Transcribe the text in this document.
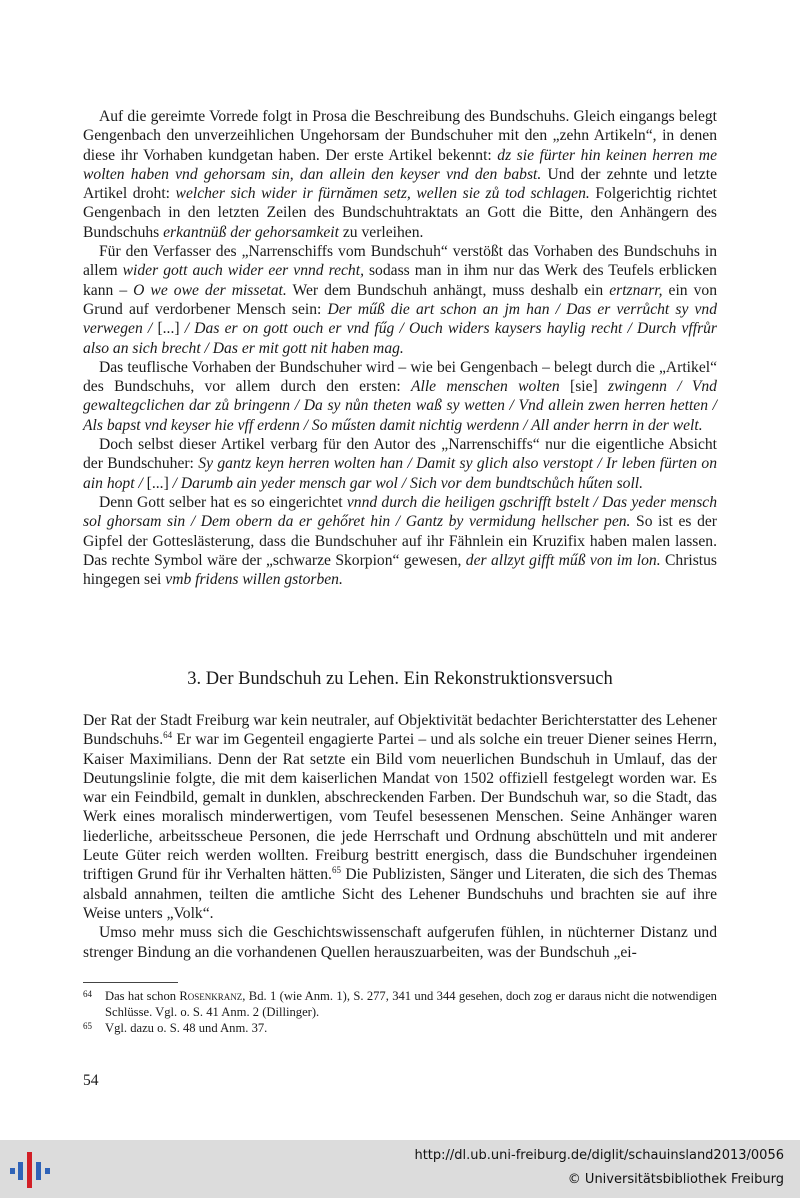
Auf die gereimte Vorrede folgt in Prosa die Beschreibung des Bundschuhs. Gleich eingangs belegt Gengenbach den unverzeihlichen Ungehorsam der Bundschuher mit den „zehn Artikeln“, in denen diese ihr Vorhaben kundgetan haben. Der erste Artikel bekennt: dz sie fürter hin keinen herren me wolten haben vnd gehorsam sin, dan allein den keyser vnd den babst. Und der zehnte und letzte Artikel droht: welcher sich wider ir fürnămen setz, wellen sie zů tod schlagen. Folgerichtig richtet Gengenbach in den letzten Zeilen des Bundschuhtraktats an Gott die Bitte, den Anhängern des Bundschuhs erkantnüß der gehorsamkeit zu verleihen.

Für den Verfasser des „Narrenschiffs vom Bundschuh“ verstößt das Vorhaben des Bundschuhs in allem wider gott auch wider eer vnnd recht, sodass man in ihm nur das Werk des Teufels erblicken kann – O we owe der missetat. Wer dem Bundschuh anhängt, muss deshalb ein ertznarr, ein von Grund auf verdorbener Mensch sein: Der műß die art schon an jm han / Das er verrůcht sy vnd verwegen / [...] / Das er on gott ouch er vnd fűg / Ouch widers kaysers haylig recht / Durch vffrůr also an sich brecht / Das er mit gott nit haben mag.

Das teuflische Vorhaben der Bundschuher wird – wie bei Gengenbach – belegt durch die „Artikel“ des Bundschuhs, vor allem durch den ersten: Alle menschen wolten [sie] zwingenn / Vnd gewaltegclichen dar zů bringenn / Da sy nůn theten waß sy wetten / Vnd allein zwen herren hetten / Als bapst vnd keyser hie vff erdenn / So műsten damit nichtig werdenn / All ander herrn in der welt.

Doch selbst dieser Artikel verbarg für den Autor des „Narrenschiffs“ nur die eigentliche Absicht der Bundschuher: Sy gantz keyn herren wolten han / Damit sy glich also verstopt / Ir leben fürten on ain hopt / [...] / Darumb ain yeder mensch gar wol / Sich vor dem bundtschůch hűten soll.

Denn Gott selber hat es so eingerichtet vnnd durch die heiligen gschrifft bstelt / Das yeder mensch sol ghorsam sin / Dem obern da er gehőret hin / Gantz by vermidung hellscher pen. So ist es der Gipfel der Gotteslästerung, dass die Bundschuher auf ihr Fähnlein ein Kruzifix haben malen lassen. Das rechte Symbol wäre der „schwarze Skorpion“ gewesen, der allzyt gifft műß von im lon. Christus hingegen sei vmb fridens willen gstorben.

3. Der Bundschuh zu Lehen. Ein Rekonstruktionsversuch

Der Rat der Stadt Freiburg war kein neutraler, auf Objektivität bedachter Berichterstatter des Lehener Bundschuhs.$^{64}$ Er war im Gegenteil engagierte Partei – und als solche ein treuer Diener seines Herrn, Kaiser Maximilians. Denn der Rat setzte ein Bild vom neuerlichen Bundschuh in Umlauf, das der Deutungslinie folgte, die mit dem kaiserlichen Mandat von 1502 offiziell festgelegt worden war. Es war ein Feindbild, gemalt in dunklen, abschreckenden Farben. Der Bundschuh war, so die Stadt, das Werk eines moralisch minderwertigen, vom Teufel besessenen Menschen. Seine Anhänger waren liederliche, arbeitsscheue Personen, die jede Herrschaft und Ordnung abschütteln und mit anderer Leute Güter reich werden wollten. Freiburg bestritt energisch, dass die Bundschuher irgendeinen triftigen Grund für ihr Verhalten hätten.$^{65}$ Die Publizisten, Sänger und Literaten, die sich des Themas alsbald annahmen, teilten die amtliche Sicht des Lehener Bundschuhs und brachten sie auf ihre Weise unters „Volk“.

Umso mehr muss sich die Geschichtswissenschaft aufgerufen fühlen, in nüchterner Distanz und strenger Bindung an die vorhandenen Quellen herauszuarbeiten, was der Bundschuh „ei-

64	Das hat schon Rosenkranz, Bd. 1 (wie Anm. 1), S. 277, 341 und 344 gesehen, doch zog er daraus nicht die notwendigen Schlüsse. Vgl. o. S. 41 Anm. 2 (Dillinger).
65	Vgl. dazu o. S. 48 und Anm. 37.
54
http://dl.ub.uni-freiburg.de/diglit/schauinsland2013/0056
© Universitätsbibliothek Freiburg
